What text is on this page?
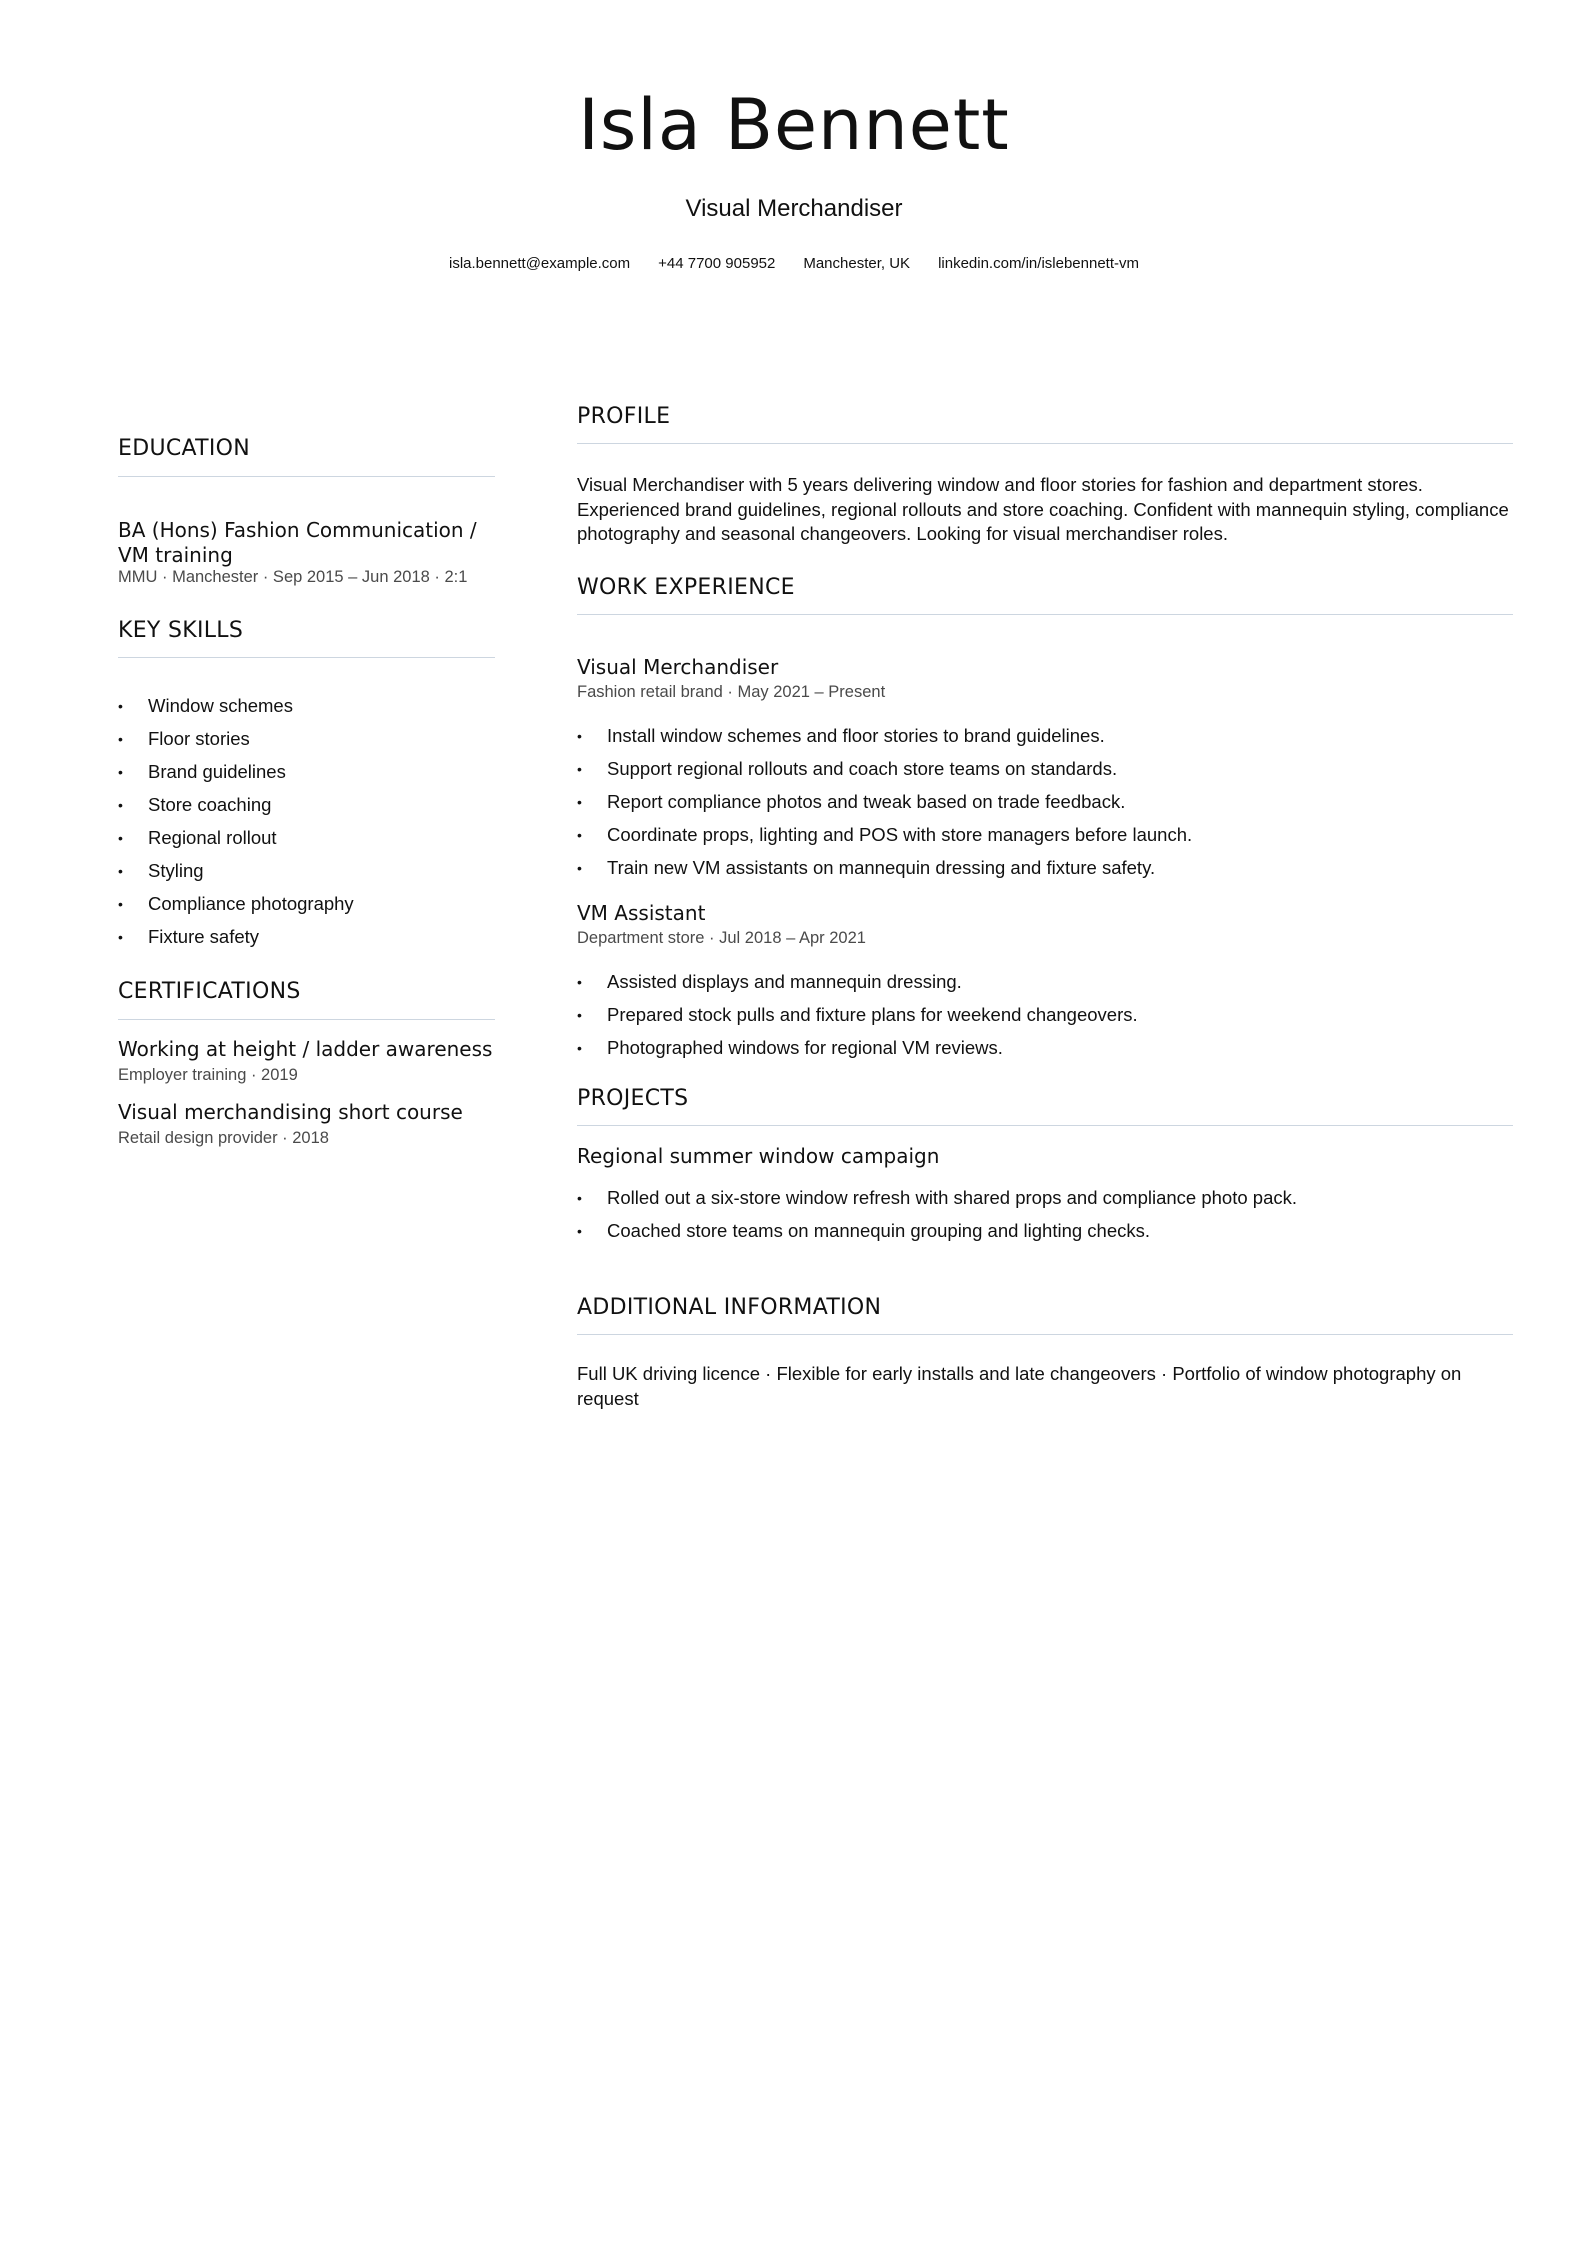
Isla Bennett
Visual Merchandiser
isla.bennett@example.com +44 7700 905952 Manchester, UK linkedin.com/in/islebennett-vm
EDUCATION
BA (Hons) Fashion Communication / VM training
MMU · Manchester · Sep 2015 – Jun 2018 · 2:1
KEY SKILLS
• Window schemes
• Floor stories
• Brand guidelines
• Store coaching
• Regional rollout
• Styling
• Compliance photography
• Fixture safety
CERTIFICATIONS
Working at height / ladder awareness
Employer training · 2019
Visual merchandising short course
Retail design provider · 2018
PROFILE
Visual Merchandiser with 5 years delivering window and floor stories for fashion and department stores. Experienced brand guidelines, regional rollouts and store coaching. Confident with mannequin styling, compliance photography and seasonal changeovers. Looking for visual merchandiser roles.
WORK EXPERIENCE
Visual Merchandiser
Fashion retail brand · May 2021 – Present
• Install window schemes and floor stories to brand guidelines.
• Support regional rollouts and coach store teams on standards.
• Report compliance photos and tweak based on trade feedback.
• Coordinate props, lighting and POS with store managers before launch.
• Train new VM assistants on mannequin dressing and fixture safety.
VM Assistant
Department store · Jul 2018 – Apr 2021
• Assisted displays and mannequin dressing.
• Prepared stock pulls and fixture plans for weekend changeovers.
• Photographed windows for regional VM reviews.
PROJECTS
Regional summer window campaign
• Rolled out a six-store window refresh with shared props and compliance photo pack.
• Coached store teams on mannequin grouping and lighting checks.
ADDITIONAL INFORMATION
Full UK driving licence · Flexible for early installs and late changeovers · Portfolio of window photography on request
